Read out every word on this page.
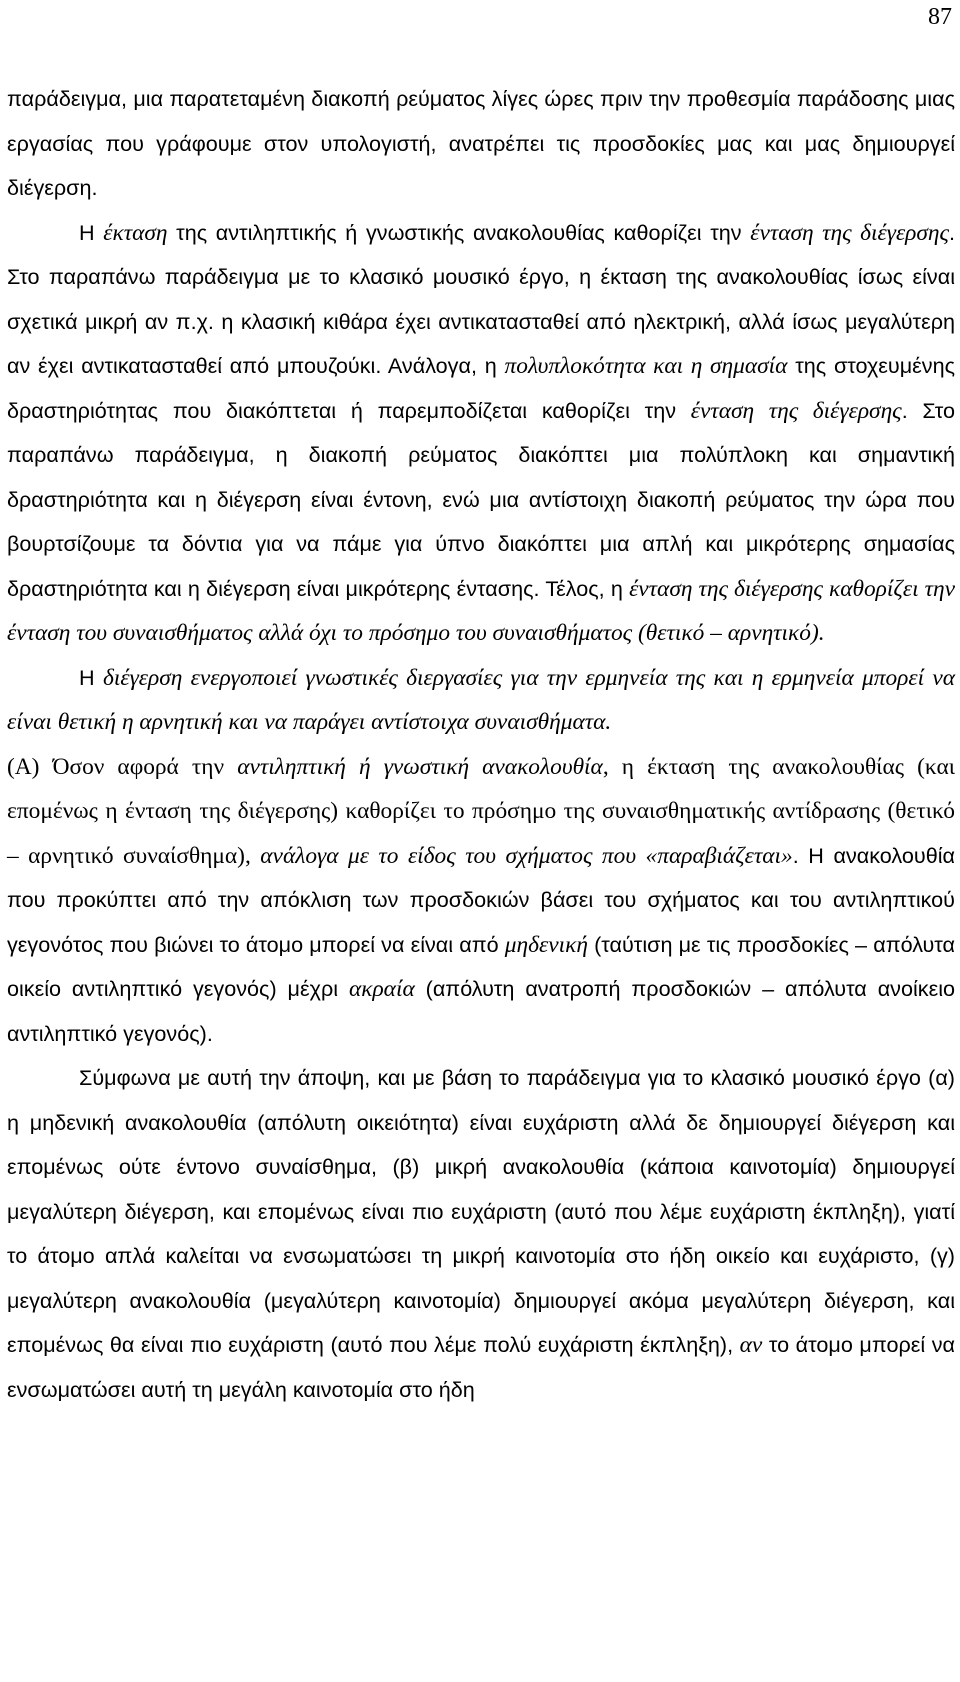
87

παράδειγμα, μια παρατεταμένη διακοπή ρεύματος λίγες ώρες πριν την προθεσμία παράδοσης μιας εργασίας που γράφουμε στον υπολογιστή, ανατρέπει τις προσδοκίες μας και μας δημιουργεί διέγερση.

Η έκταση της αντιληπτικής ή γνωστικής ανακολουθίας καθορίζει την ένταση της διέγερσης. Στο παραπάνω παράδειγμα με το κλασικό μουσικό έργο, η έκταση της ανακολουθίας ίσως είναι σχετικά μικρή αν π.χ. η κλασική κιθάρα έχει αντικατασταθεί από ηλεκτρική, αλλά ίσως μεγαλύτερη αν έχει αντικατασταθεί από μπουζούκι. Ανάλογα, η πολυπλοκότητα και η σημασία της στοχευμένης δραστηριότητας που διακόπτεται ή παρεμποδίζεται καθορίζει την ένταση της διέγερσης. Στο παραπάνω παράδειγμα, η διακοπή ρεύματος διακόπτει μια πολύπλοκη και σημαντική δραστηριότητα και η διέγερση είναι έντονη, ενώ μια αντίστοιχη διακοπή ρεύματος την ώρα που βουρτσίζουμε τα δόντια για να πάμε για ύπνο διακόπτει μια απλή και μικρότερης σημασίας δραστηριότητα και η διέγερση είναι μικρότερης έντασης. Τέλος, η ένταση της διέγερσης καθορίζει την ένταση του συναισθήματος αλλά όχι το πρόσημο του συναισθήματος (θετικό – αρνητικό).

Η διέγερση ενεργοποιεί γνωστικές διεργασίες για την ερμηνεία της και η ερμηνεία μπορεί να είναι θετική η αρνητική και να παράγει αντίστοιχα συναισθήματα.

(Α) Όσον αφορά την αντιληπτική ή γνωστική ανακολουθία, η έκταση της ανακολουθίας (και επομένως η ένταση της διέγερσης) καθορίζει το πρόσημο της συναισθηματικής αντίδρασης (θετικό – αρνητικό συναίσθημα), ανάλογα με το είδος του σχήματος που «παραβιάζεται». Η ανακολουθία που προκύπτει από την απόκλιση των προσδοκιών βάσει του σχήματος και του αντιληπτικού γεγονότος που βιώνει το άτομο μπορεί να είναι από μηδενική (ταύτιση με τις προσδοκίες – απόλυτα οικείο αντιληπτικό γεγονός) μέχρι ακραία (απόλυτη ανατροπή προσδοκιών – απόλυτα ανοίκειο αντιληπτικό γεγονός).

Σύμφωνα με αυτή την άποψη, και με βάση το παράδειγμα για το κλασικό μουσικό έργο (α) η μηδενική ανακολουθία (απόλυτη οικειότητα) είναι ευχάριστη αλλά δε δημιουργεί διέγερση και επομένως ούτε έντονο συναίσθημα, (β) μικρή ανακολουθία (κάποια καινοτομία) δημιουργεί μεγαλύτερη διέγερση, και επομένως είναι πιο ευχάριστη (αυτό που λέμε ευχάριστη έκπληξη), γιατί το άτομο απλά καλείται να ενσωματώσει τη μικρή καινοτομία στο ήδη οικείο και ευχάριστο, (γ) μεγαλύτερη ανακολουθία (μεγαλύτερη καινοτομία) δημιουργεί ακόμα μεγαλύτερη διέγερση, και επομένως θα είναι πιο ευχάριστη (αυτό που λέμε πολύ ευχάριστη έκπληξη), αν το άτομο μπορεί να ενσωματώσει αυτή τη μεγάλη καινοτομία στο ήδη
